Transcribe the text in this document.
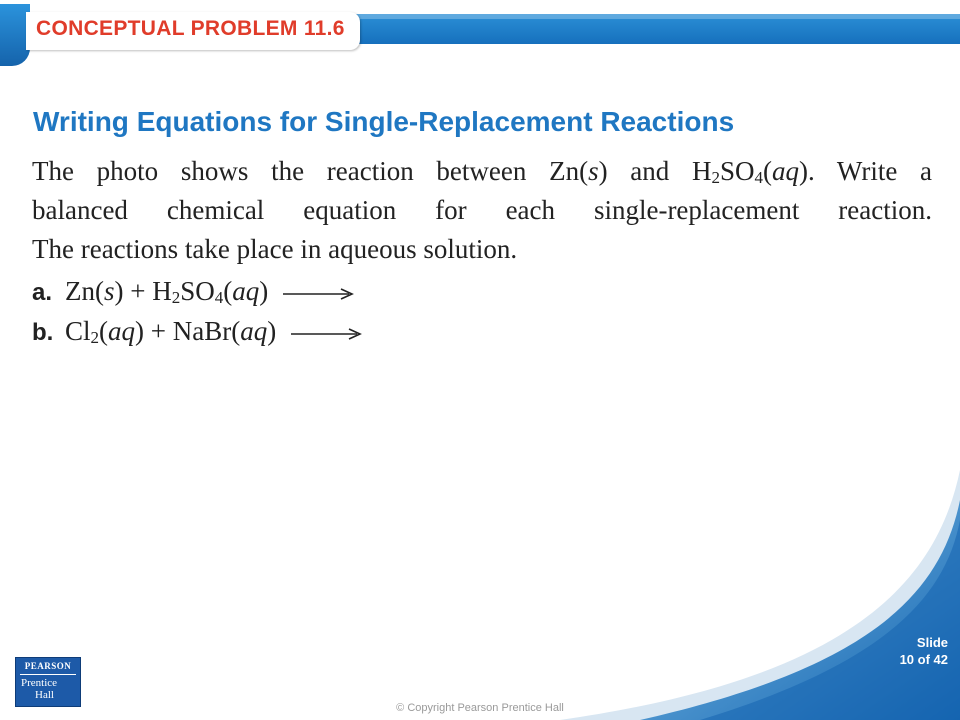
CONCEPTUAL PROBLEM 11.6
Writing Equations for Single-Replacement Reactions
The photo shows the reaction between Zn(s) and $H_2SO_4(aq)$. Write a
balanced chemical equation for each single-replacement reaction.
The reactions take place in aqueous solution.
a. $Zn(s) + H_2SO_4(aq)$ →
b. $Cl_2(aq)$ + NaBr(aq) →
Slide
10 of 42
PEARSON
Prentice
Hall
© Copyright Pearson Prentice Hall
